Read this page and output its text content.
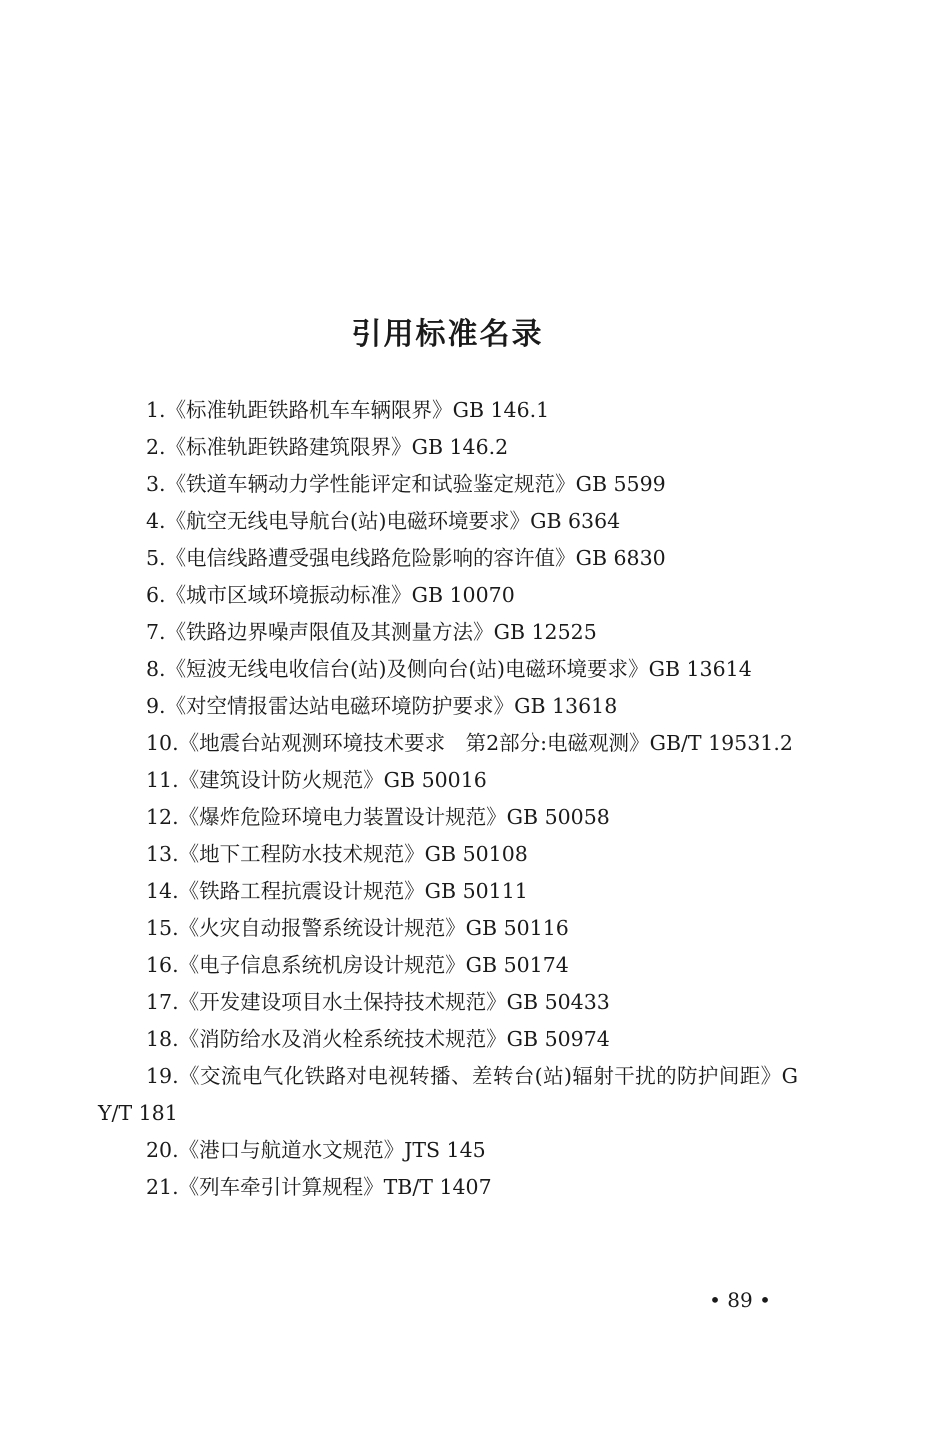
引用标准名录
1.《标准轨距铁路机车车辆限界》GB 146.1
2.《标准轨距铁路建筑限界》GB 146.2
3.《铁道车辆动力学性能评定和试验鉴定规范》GB 5599
4.《航空无线电导航台(站)电磁环境要求》GB 6364
5.《电信线路遭受强电线路危险影响的容许值》GB 6830
6.《城市区域环境振动标准》GB 10070
7.《铁路边界噪声限值及其测量方法》GB 12525
8.《短波无线电收信台(站)及侧向台(站)电磁环境要求》GB 13614
9.《对空情报雷达站电磁环境防护要求》GB 13618
10.《地震台站观测环境技术要求　第2部分:电磁观测》GB/T 19531.2
11.《建筑设计防火规范》GB 50016
12.《爆炸危险环境电力装置设计规范》GB 50058
13.《地下工程防水技术规范》GB 50108
14.《铁路工程抗震设计规范》GB 50111
15.《火灾自动报警系统设计规范》GB 50116
16.《电子信息系统机房设计规范》GB 50174
17.《开发建设项目水土保持技术规范》GB 50433
18.《消防给水及消火栓系统技术规范》GB 50974
19.《交流电气化铁路对电视转播、差转台(站)辐射干扰的防护间距》GY/T 181
20.《港口与航道水文规范》JTS 145
21.《列车牵引计算规程》TB/T 1407
• 89 •
